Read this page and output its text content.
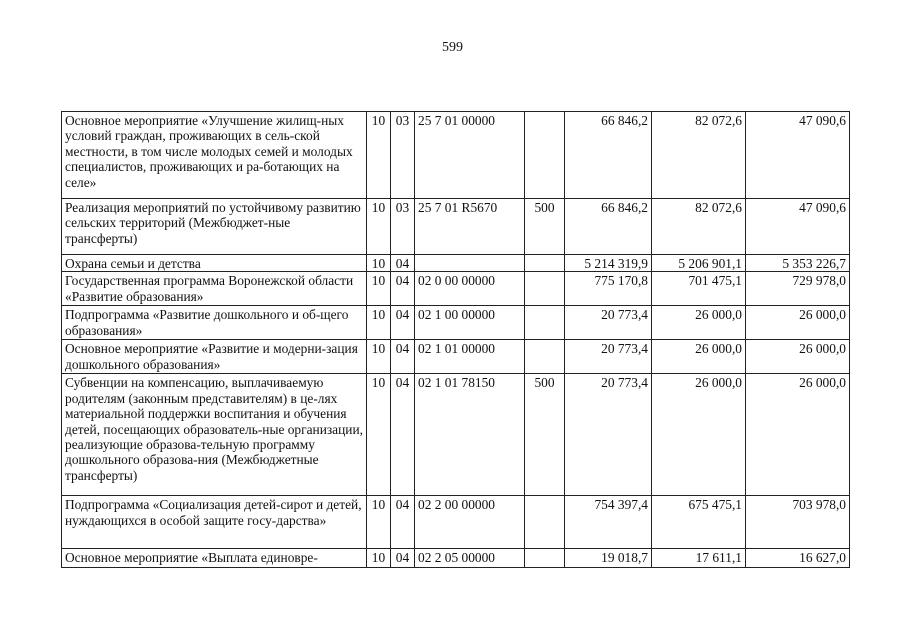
599
Основное мероприятие «Улучшение жилищ-ных условий граждан, проживающих в сель-ской местности, в том числе молодых семей и молодых специалистов, проживающих и ра-ботающих на селе»	10	03	25 7 01 00000		66 846,2	82 072,6	47 090,6
Реализация мероприятий по устойчивому развитию сельских территорий (Межбюджет-ные трансферты)	10	03	25 7 01 R5670	500	66 846,2	82 072,6	47 090,6
Охрана семьи и детства	10	04			5 214 319,9	5 206 901,1	5 353 226,7
Государственная программа Воронежской области «Развитие образования»	10	04	02 0 00 00000		775 170,8	701 475,1	729 978,0
Подпрограмма «Развитие дошкольного и об-щего образования»	10	04	02 1 00 00000		20 773,4	26 000,0	26 000,0
Основное мероприятие «Развитие и модерни-зация дошкольного образования»	10	04	02 1 01 00000		20 773,4	26 000,0	26 000,0
Субвенции на компенсацию, выплачиваемую родителям (законным представителям) в це-лях материальной поддержки воспитания и обучения детей, посещающих образователь-ные организации, реализующие образова-тельную программу дошкольного образова-ния (Межбюджетные трансферты)	10	04	02 1 01 78150	500	20 773,4	26 000,0	26 000,0
Подпрограмма «Социализация детей-сирот и детей, нуждающихся в особой защите госу-дарства»	10	04	02 2 00 00000		754 397,4	675 475,1	703 978,0
Основное мероприятие «Выплата единовре-	10	04	02 2 05 00000		19 018,7	17 611,1	16 627,0
